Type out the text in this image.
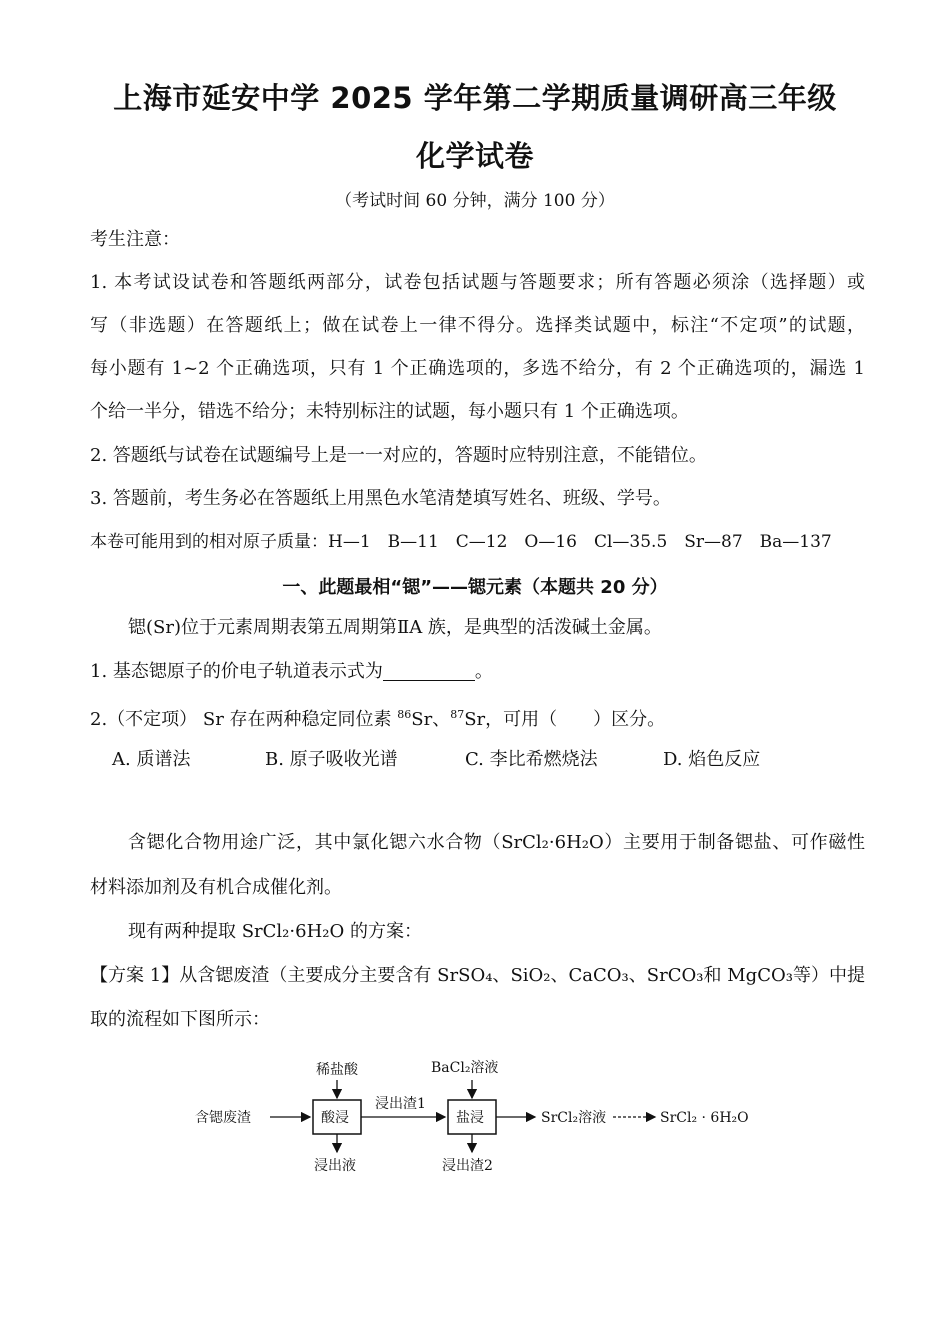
上海市延安中学 2025 学年第二学期质量调研高三年级
化学试卷
（考试时间 60 分钟，满分 100 分）
考生注意：
1. 本考试设试卷和答题纸两部分，试卷包括试题与答题要求；所有答题必须涂（选择题）或
写（非选题）在答题纸上；做在试卷上一律不得分。选择类试题中，标注“不定项”的试题，
每小题有 1~2 个正确选项，只有 1 个正确选项的，多选不给分，有 2 个正确选项的，漏选 1
个给一半分，错选不给分；未特别标注的试题，每小题只有 1 个正确选项。
2. 答题纸与试卷在试题编号上是一一对应的，答题时应特别注意，不能错位。
3. 答题前，考生务必在答题纸上用黑色水笔清楚填写姓名、班级、学号。
本卷可能用到的相对原子质量：H—1　B—11　C—12　O—16　Cl—35.5　Sr—87　Ba—137
一、此题最相“锶”——锶元素（本题共 20 分）
锶(Sr)位于元素周期表第五周期第ⅡA 族，是典型的活泼碱土金属。
1. 基态锶原子的价电子轨道表示式为	。
2.（不定项） Sr 存在两种稳定同位素 $^{86}$Sr、$^{87}$Sr，可用（　　）区分。
A. 质谱法	B. 原子吸收光谱	C. 李比希燃烧法	D. 焰色反应
含锶化合物用途广泛，其中氯化锶六水合物（SrCl₂·6H₂O）主要用于制备锶盐、可作磁性
材料添加剂及有机合成催化剂。
现有两种提取 SrCl₂·6H₂O 的方案：
【方案 1】从含锶废渣（主要成分主要含有 SrSO₄、SiO₂、CaCO₃、SrCO₃和 MgCO₃等）中提
取的流程如下图所示：
含锶废渣	酸浸
稀盐酸
浸出液
浸出渣1
盐浸
BaCl₂溶液
浸出渣2
SrCl₂溶液	SrCl₂ · 6H₂O
